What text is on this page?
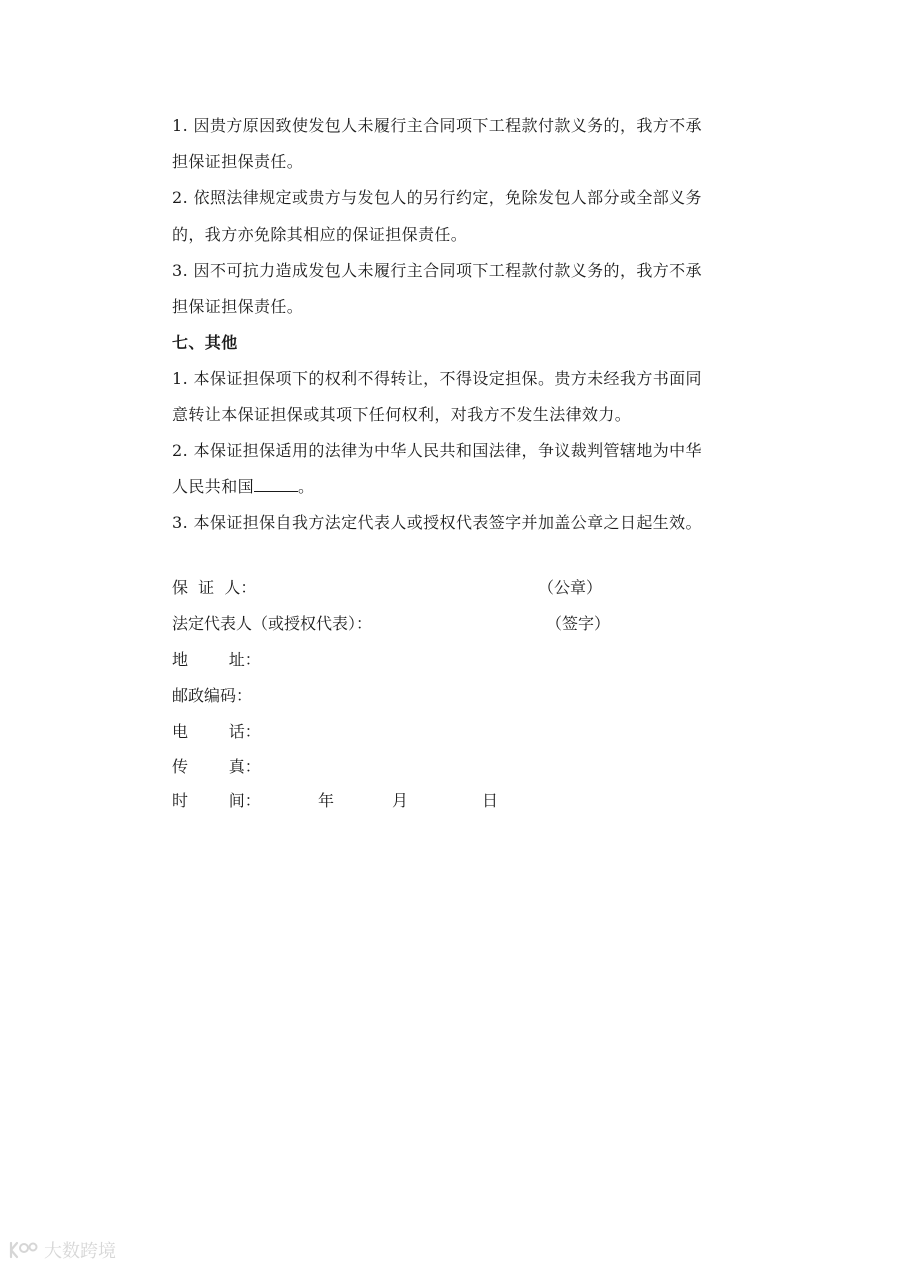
1. 因贵方原因致使发包人未履行主合同项下工程款付款义务的，我方不承
担保证担保责任。
2. 依照法律规定或贵方与发包人的另行约定，免除发包人部分或全部义务
的，我方亦免除其相应的保证担保责任。
3. 因不可抗力造成发包人未履行主合同项下工程款付款义务的，我方不承
担保证担保责任。
七、其他
1. 本保证担保项下的权利不得转让，不得设定担保。贵方未经我方书面同
意转让本保证担保或其项下任何权利，对我方不发生法律效力。
2. 本保证担保适用的法律为中华人民共和国法律，争议裁判管辖地为中华
人民共和国	。
3. 本保证担保自我方法定代表人或授权代表签字并加盖公章之日起生效。
保  证  人：	（公章）
法定代表人（或授权代表）：	（签字）
地        址：
邮政编码：
电        话：
传        真：
时        间：	年	月	日
大数跨境
